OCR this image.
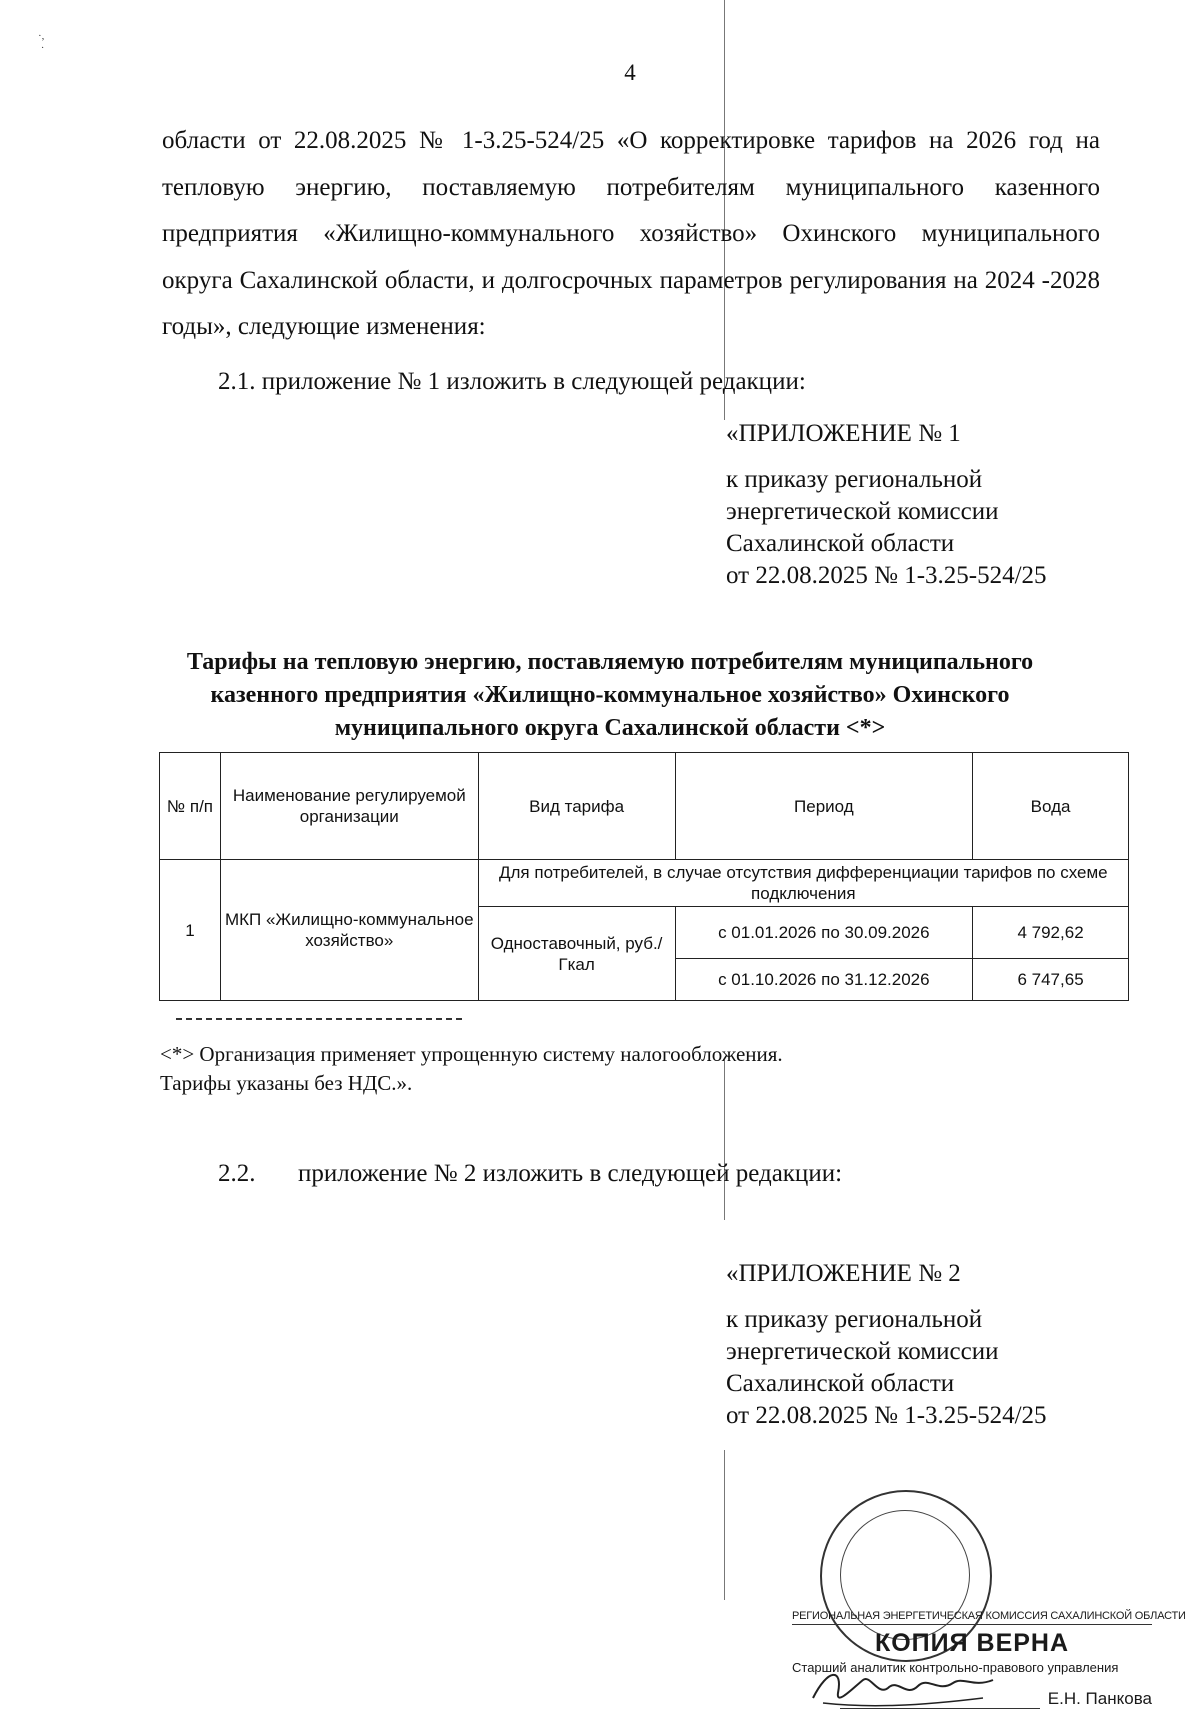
·,
·
4

области от 22.08.2025 № 1-3.25-524/25 «О корректировке тарифов на 2026 год на тепловую энергию, поставляемую потребителям муниципального казенного предприятия «Жилищно-коммунального хозяйство» Охинского муниципального округа Сахалинской области, и долгосрочных параметров регулирования на 2024 -2028 годы», следующие изменения:

2.1. приложение № 1 изложить в следующей редакции:
«ПРИЛОЖЕНИЕ № 1
к приказу региональной
энергетической комиссии
Сахалинской области
от 22.08.2025 № 1-3.25-524/25
Тарифы на тепловую энергию, поставляемую потребителям муниципального казенного предприятия «Жилищно-коммунальное хозяйство» Охинского муниципального округа Сахалинской области <*>
№ п/п	Наименование регулируемой организации	Вид тарифа	Период	Вода
1	МКП «Жилищно-коммунальное хозяйство»	Для потребителей, в случае отсутствия дифференциации тарифов по схеме подключения		
		Одноставочный, руб./Гкал	с 01.01.2026 по 30.09.2026	4 792,62
			с 01.10.2026 по 31.12.2026	6 747,65
<*> Организация применяет упрощенную систему налогообложения.
Тарифы указаны без НДС.».
2.2. приложение № 2 изложить в следующей редакции:
«ПРИЛОЖЕНИЕ № 2
к приказу региональной
энергетической комиссии
Сахалинской области
от 22.08.2025 № 1-3.25-524/25
РЕГИОНАЛЬНАЯ ЭНЕРГЕТИЧЕСКАЯ КОМИССИЯ САХАЛИНСКОЙ ОБЛАСТИ
КОПИЯ ВЕРНА
Старший аналитик контрольно-правового управления
Е.Н. Панкова
